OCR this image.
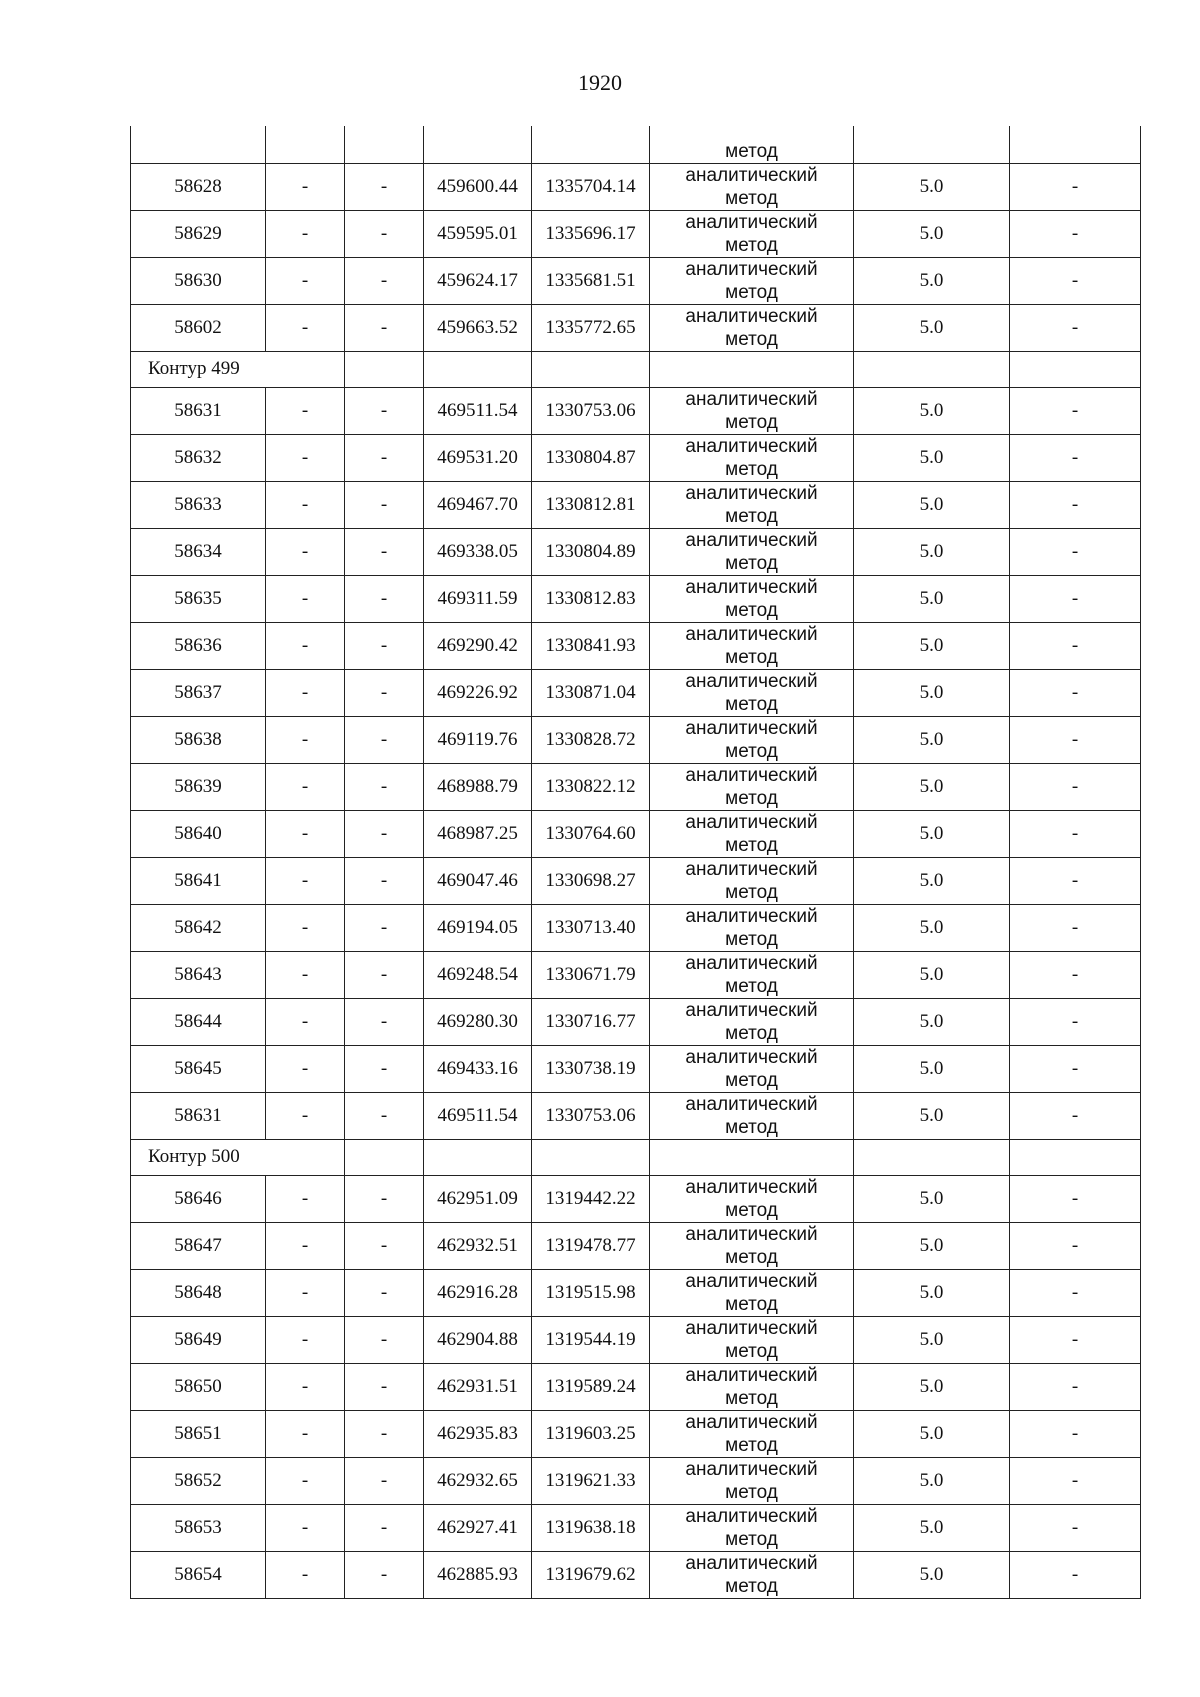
1920

					метод		

58628	-	-	459600.44	1335704.14	аналитический
метод	5.0	-
58629	-	-	459595.01	1335696.17	аналитический
метод	5.0	-
58630	-	-	459624.17	1335681.51	аналитический
метод	5.0	-
58602	-	-	459663.52	1335772.65	аналитический
метод	5.0	-
Контур 499							
58631	-	-	469511.54	1330753.06	аналитический
метод	5.0	-
58632	-	-	469531.20	1330804.87	аналитический
метод	5.0	-
58633	-	-	469467.70	1330812.81	аналитический
метод	5.0	-
58634	-	-	469338.05	1330804.89	аналитический
метод	5.0	-
58635	-	-	469311.59	1330812.83	аналитический
метод	5.0	-
58636	-	-	469290.42	1330841.93	аналитический
метод	5.0	-
58637	-	-	469226.92	1330871.04	аналитический
метод	5.0	-
58638	-	-	469119.76	1330828.72	аналитический
метод	5.0	-
58639	-	-	468988.79	1330822.12	аналитический
метод	5.0	-
58640	-	-	468987.25	1330764.60	аналитический
метод	5.0	-
58641	-	-	469047.46	1330698.27	аналитический
метод	5.0	-
58642	-	-	469194.05	1330713.40	аналитический
метод	5.0	-
58643	-	-	469248.54	1330671.79	аналитический
метод	5.0	-
58644	-	-	469280.30	1330716.77	аналитический
метод	5.0	-
58645	-	-	469433.16	1330738.19	аналитический
метод	5.0	-
58631	-	-	469511.54	1330753.06	аналитический
метод	5.0	-
Контур 500							
58646	-	-	462951.09	1319442.22	аналитический
метод	5.0	-
58647	-	-	462932.51	1319478.77	аналитический
метод	5.0	-
58648	-	-	462916.28	1319515.98	аналитический
метод	5.0	-
58649	-	-	462904.88	1319544.19	аналитический
метод	5.0	-
58650	-	-	462931.51	1319589.24	аналитический
метод	5.0	-
58651	-	-	462935.83	1319603.25	аналитический
метод	5.0	-
58652	-	-	462932.65	1319621.33	аналитический
метод	5.0	-
58653	-	-	462927.41	1319638.18	аналитический
метод	5.0	-
58654	-	-	462885.93	1319679.62	аналитический
метод	5.0	-
